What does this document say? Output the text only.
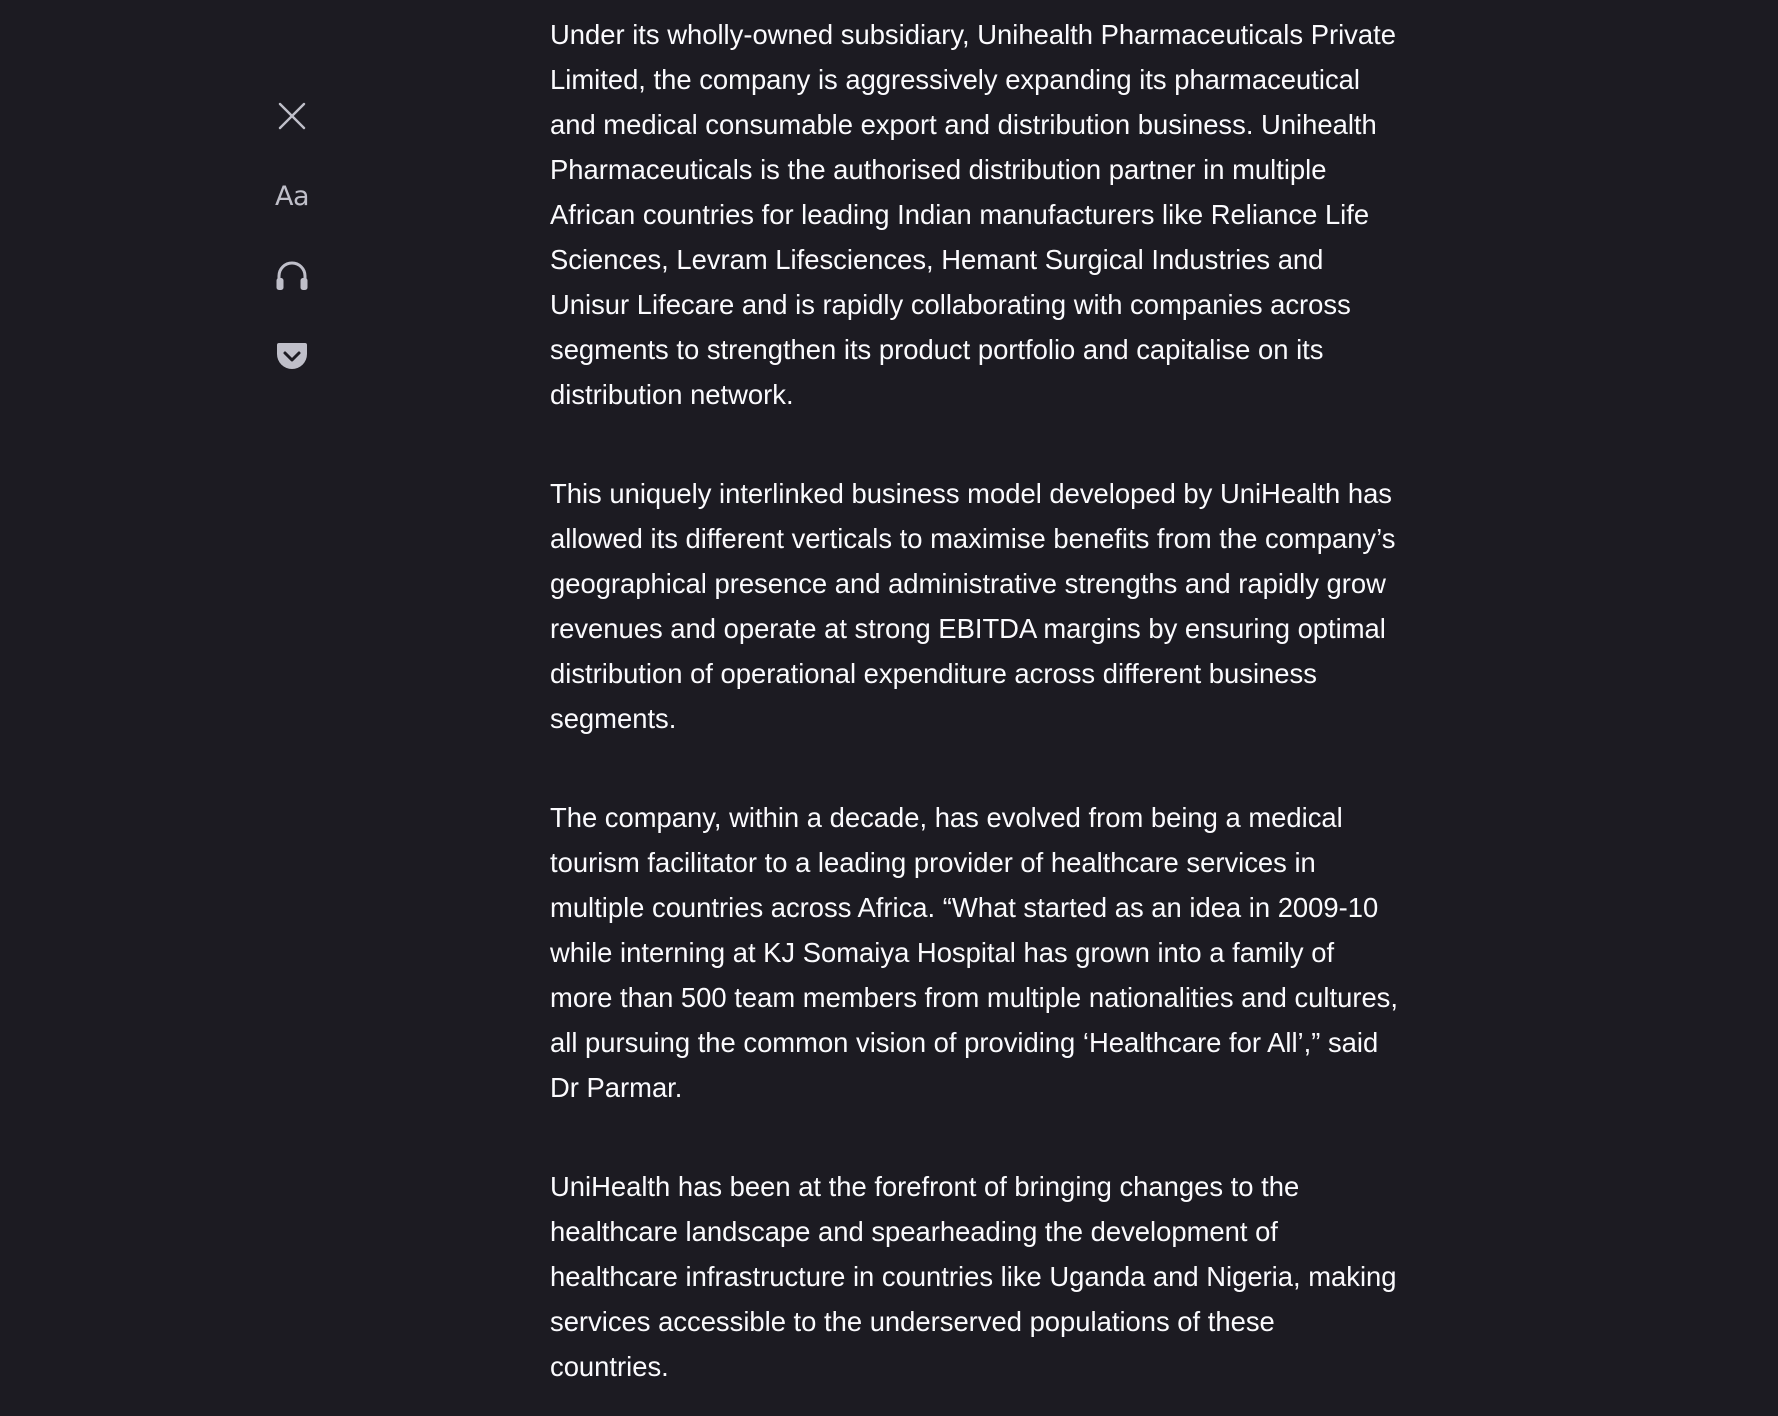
Aa

Under its wholly-owned subsidiary, Unihealth Pharmaceuticals Private Limited, the company is aggressively expanding its pharmaceutical and medical consumable export and distribution business. Unihealth Pharmaceuticals is the authorised distribution partner in multiple African countries for leading Indian manufacturers like Reliance Life Sciences, Levram Lifesciences, Hemant Surgical Industries and Unisur Lifecare and is rapidly collaborating with companies across segments to strengthen its product portfolio and capitalise on its distribution network.

This uniquely interlinked business model developed by UniHealth has allowed its different verticals to maximise benefits from the company’s geographical presence and administrative strengths and rapidly grow revenues and operate at strong EBITDA margins by ensuring optimal distribution of operational expenditure across different business segments.

The company, within a decade, has evolved from being a medical tourism facilitator to a leading provider of healthcare services in multiple countries across Africa. “What started as an idea in 2009-10 while interning at KJ Somaiya Hospital has grown into a family of more than 500 team members from multiple nationalities and cultures, all pursuing the common vision of providing ‘Healthcare for All’,” said Dr Parmar.

UniHealth has been at the forefront of bringing changes to the healthcare landscape and spearheading the development of healthcare infrastructure in countries like Uganda and Nigeria, making services accessible to the underserved populations of these countries.
